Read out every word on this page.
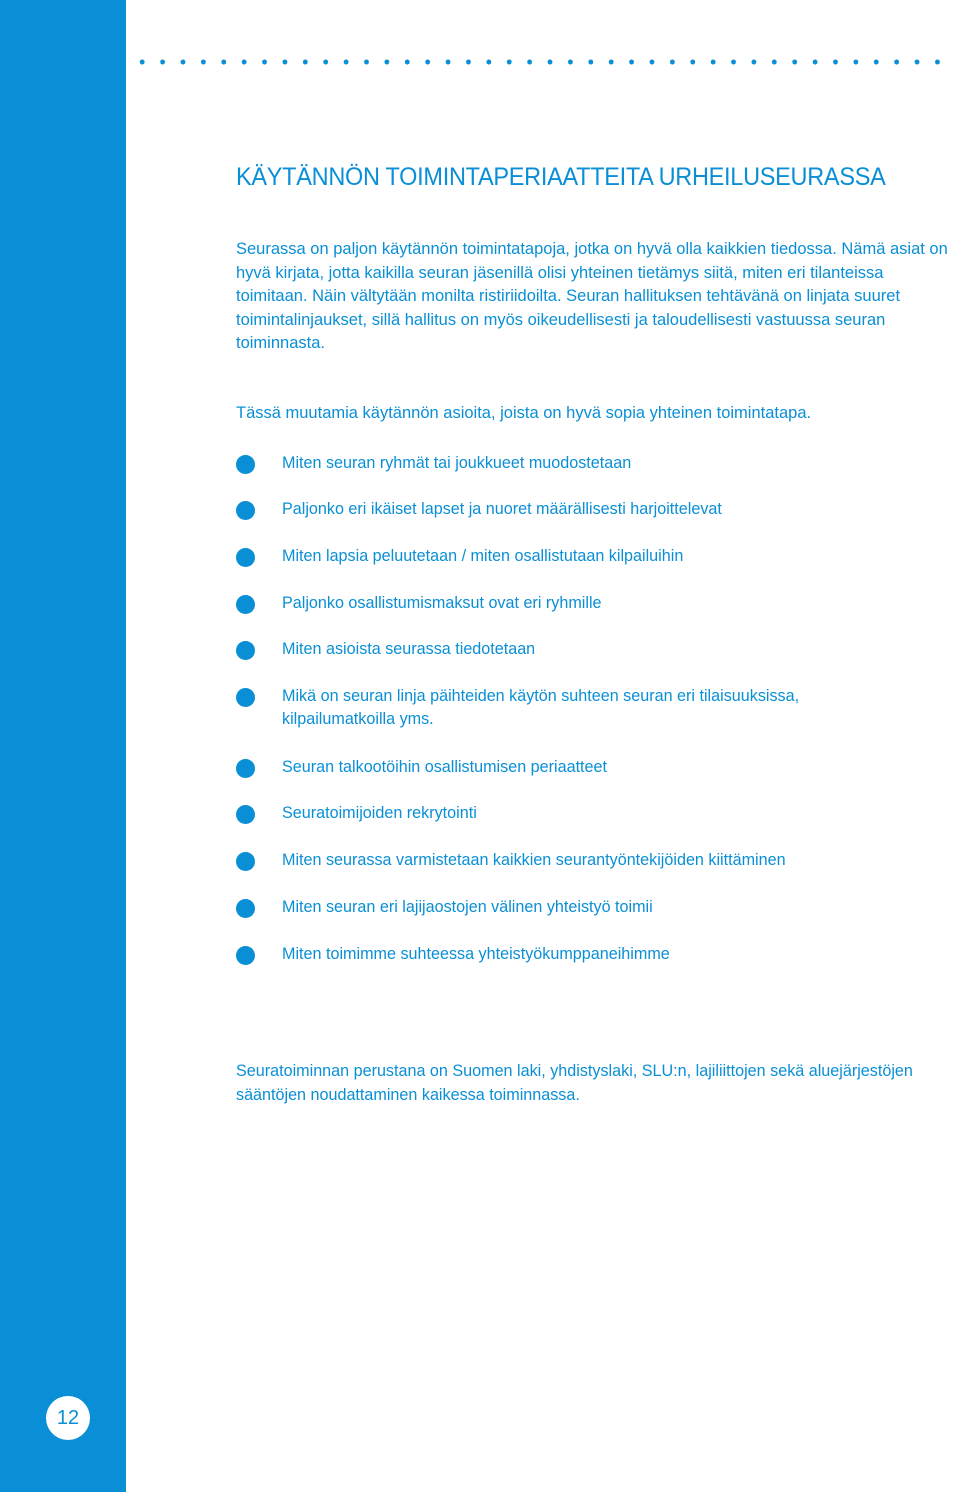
KÄYTÄNNÖN TOIMINTAPERIAATTEITA URHEILUSEURASSA

Seurassa on paljon käytännön toimintatapoja, jotka on hyvä olla kaikkien tiedossa. Nämä asiat on hyvä kirjata, jotta kaikilla seuran jäsenillä olisi yhteinen tietämys siitä, miten eri tilanteissa toimitaan. Näin vältytään monilta ristiriidoilta. Seuran hallituksen tehtävänä on linjata suuret toimintalinjaukset, sillä hallitus on myös oikeudellisesti ja taloudellisesti vastuussa seuran toiminnasta.

Tässä muutamia käytännön asioita, joista on hyvä sopia yhteinen toimintatapa.

Miten seuran ryhmät tai joukkueet muodostetaan
Paljonko eri ikäiset lapset ja nuoret määrällisesti harjoittelevat
Miten lapsia peluutetaan / miten osallistutaan kilpailuihin
Paljonko osallistumismaksut ovat eri ryhmille
Miten asioista seurassa tiedotetaan
Mikä on seuran linja päihteiden käytön suhteen seuran eri tilaisuuksissa, kilpailumatkoilla yms.
Seuran talkootöihin osallistumisen periaatteet
Seuratoimijoiden rekrytointi
Miten seurassa varmistetaan kaikkien seurantyöntekijöiden kiittäminen
Miten seuran eri lajijaostojen välinen yhteistyö toimii
Miten toimimme suhteessa yhteistyökumppaneihimme

Seuratoiminnan perustana on Suomen laki, yhdistyslaki, SLU:n, lajiliittojen sekä aluejärjestöjen sääntöjen noudattaminen kaikessa toiminnassa.

12
